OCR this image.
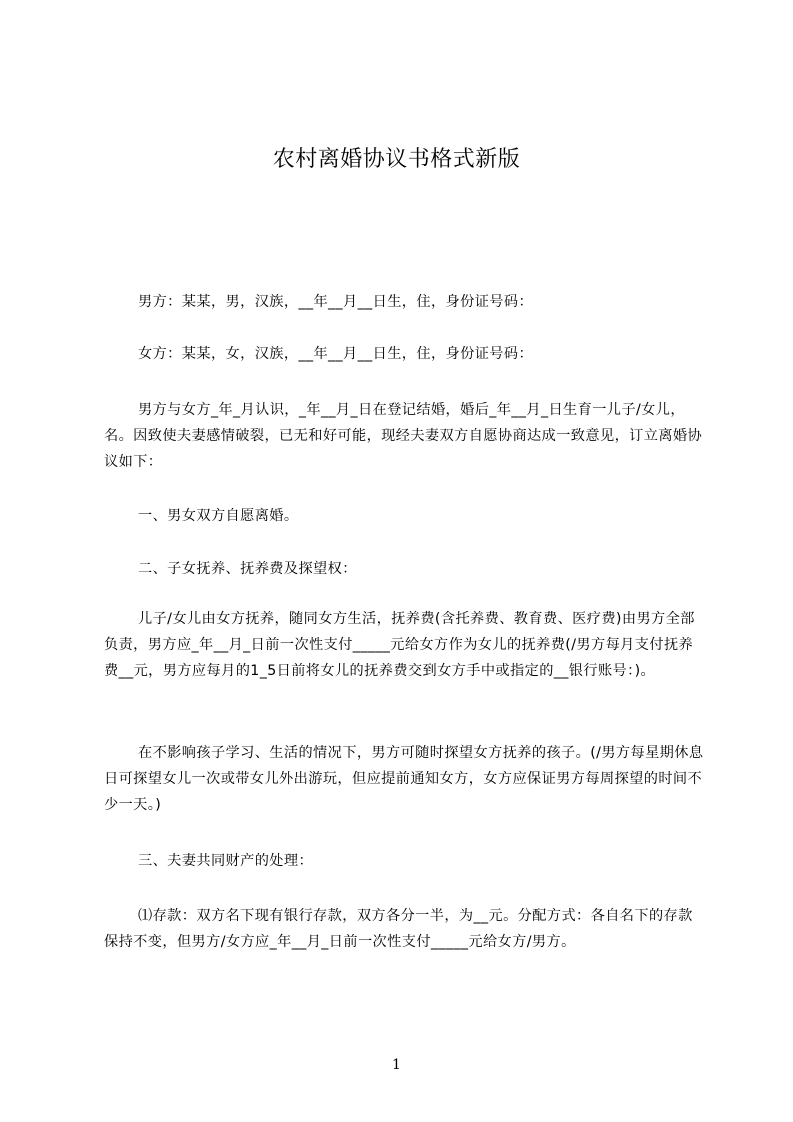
农村离婚协议书格式新版
男方：某某，男，汉族，__年__月__日生，住，身份证号码：
女方：某某，女，汉族，__年__月__日生，住，身份证号码：
男方与女方_年_月认识，_年__月_日在登记结婚，婚后_年__月_日生育一儿子/女儿，名。因致使夫妻感情破裂，已无和好可能，现经夫妻双方自愿协商达成一致意见，订立离婚协议如下：
一、男女双方自愿离婚。
二、子女抚养、抚养费及探望权：
儿子/女儿由女方抚养，随同女方生活，抚养费(含托养费、教育费、医疗费)由男方全部负责，男方应_年__月_日前一次性支付_____元给女方作为女儿的抚养费(/男方每月支付抚养费__元，男方应每月的1_5日前将女儿的抚养费交到女方手中或指定的__银行账号：)。
在不影响孩子学习、生活的情况下，男方可随时探望女方抚养的孩子。(/男方每星期休息日可探望女儿一次或带女儿外出游玩，但应提前通知女方，女方应保证男方每周探望的时间不少一天。)
三、夫妻共同财产的处理：
⑴存款：双方名下现有银行存款，双方各分一半，为__元。分配方式：各自名下的存款保持不变，但男方/女方应_年__月_日前一次性支付_____元给女方/男方。
1
